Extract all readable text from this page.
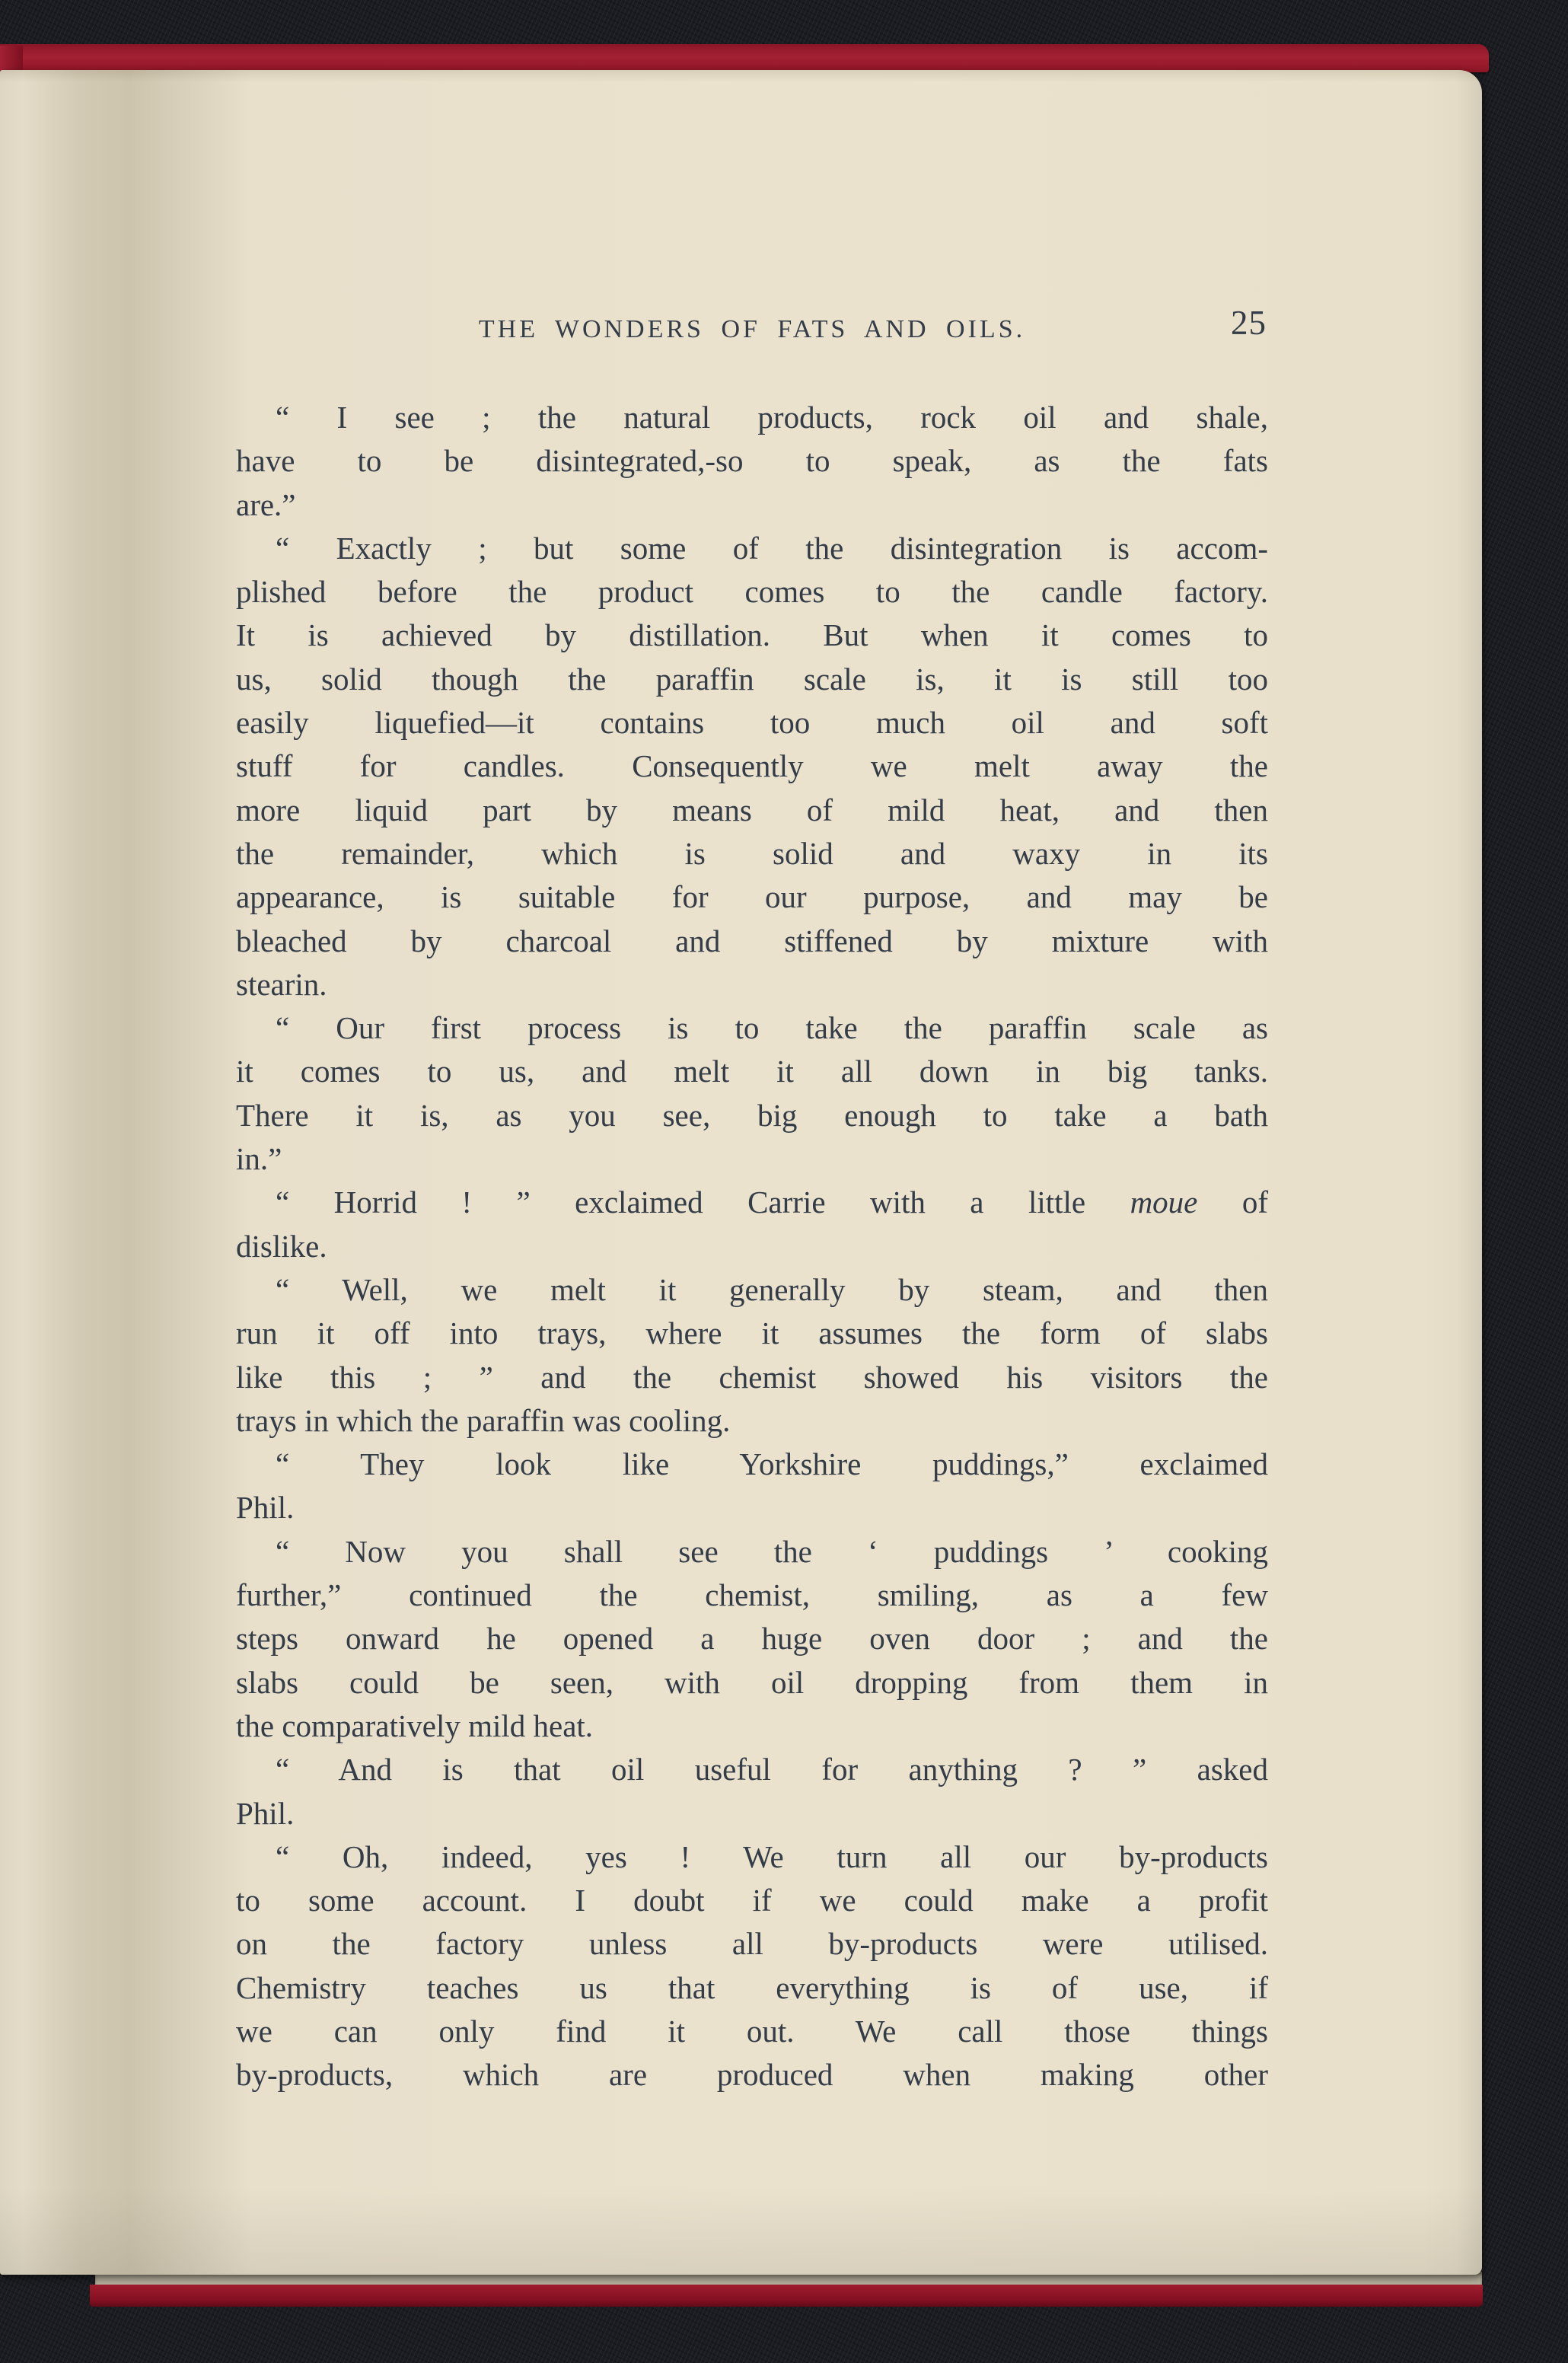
THE WONDERS OF FATS AND OILS.	25
“ I see ; the natural products, rock oil and shale,
have to be disintegrated,-so to speak, as the fats
are.”
“ Exactly ; but some of the disintegration is accom-
plished before the product comes to the candle factory.
It is achieved by distillation. But when it comes to
us, solid though the paraffin scale is, it is still too
easily liquefied—it contains too much oil and soft
stuff for candles. Consequently we melt away the
more liquid part by means of mild heat, and then
the remainder, which is solid and waxy in its
appearance, is suitable for our purpose, and may be
bleached by charcoal and stiffened by mixture with
stearin.
“ Our first process is to take the paraffin scale as
it comes to us, and melt it all down in big tanks.
There it is, as you see, big enough to take a bath
in.”
“ Horrid ! ” exclaimed Carrie with a little moue of
dislike.
“ Well, we melt it generally by steam, and then
run it off into trays, where it assumes the form of slabs
like this ; ” and the chemist showed his visitors the
trays in which the paraffin was cooling.
“ They look like Yorkshire puddings,” exclaimed
Phil.
“ Now you shall see the ‘ puddings ’ cooking
further,” continued the chemist, smiling, as a few
steps onward he opened a huge oven door ; and the
slabs could be seen, with oil dropping from them in
the comparatively mild heat.
“ And is that oil useful for anything ? ” asked
Phil.
“ Oh, indeed, yes ! We turn all our by-products
to some account. I doubt if we could make a profit
on the factory unless all by-products were utilised.
Chemistry teaches us that everything is of use, if
we can only find it out. We call those things
by-products, which are produced when making other
